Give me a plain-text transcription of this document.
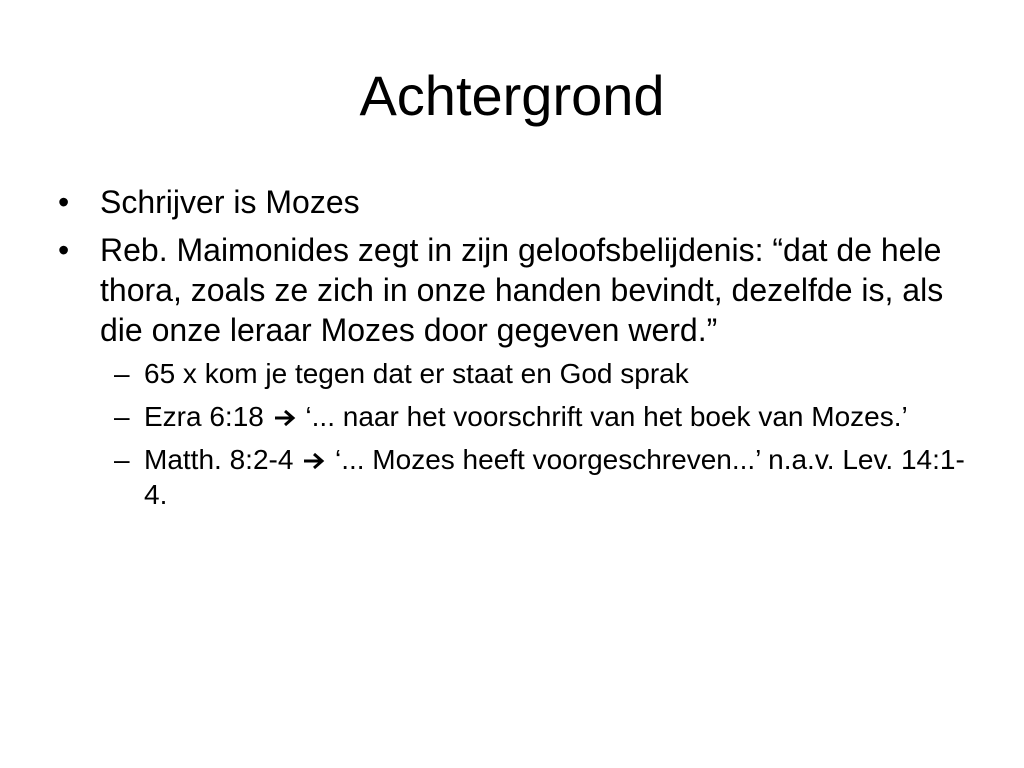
Achtergrond
• Schrijver is Mozes
• Reb. Maimonides zegt in zijn geloofsbelijdenis: “dat de hele thora, zoals ze zich in onze handen bevindt, dezelfde is, als die onze leraar Mozes door gegeven werd.”
– 65 x kom je tegen dat er staat en God sprak
– Ezra 6:18 ‘... naar het voorschrift van het boek van Mozes.’
– Matth. 8:2-4 ‘... Mozes heeft voorgeschreven...’ n.a.v. Lev. 14:1-4.
